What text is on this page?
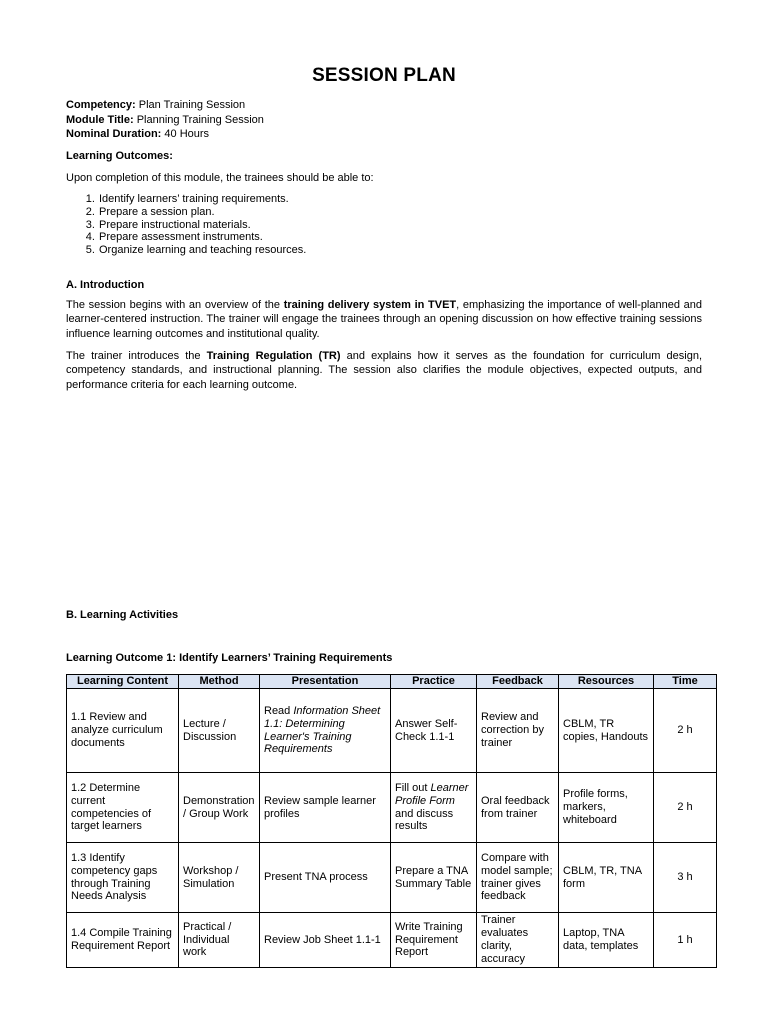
SESSION PLAN
Competency: Plan Training Session
Module Title: Planning Training Session
Nominal Duration: 40 Hours
Learning Outcomes:
Upon completion of this module, the trainees should be able to:
1. Identify learners’ training requirements.
2. Prepare a session plan.
3. Prepare instructional materials.
4. Prepare assessment instruments.
5. Organize learning and teaching resources.
A. Introduction

The session begins with an overview of the training delivery system in TVET, emphasizing the importance of well-planned and learner-centered instruction. The trainer will engage the trainees through an opening discussion on how effective training sessions influence learning outcomes and institutional quality.

The trainer introduces the Training Regulation (TR) and explains how it serves as the foundation for curriculum design, competency standards, and instructional planning. The session also clarifies the module objectives, expected outputs, and performance criteria for each learning outcome.

B. Learning Activities
Learning Outcome 1: Identify Learners’ Training Requirements
Learning Content	Method	Presentation	Practice	Feedback	Resources	Time
1.1 Review and analyze curriculum documents	Lecture / Discussion	Read Information Sheet 1.1: Determining Learner's Training Requirements	Answer Self-Check 1.1-1	Review and correction by trainer	CBLM, TR copies, Handouts	2 h
1.2 Determine current competencies of target learners	Demonstration / Group Work	Review sample learner profiles	Fill out Learner Profile Form and discuss results	Oral feedback from trainer	Profile forms, markers, whiteboard	2 h
1.3 Identify competency gaps through Training Needs Analysis	Workshop / Simulation	Present TNA process	Prepare a TNA Summary Table	Compare with model sample; trainer gives feedback	CBLM, TR, TNA form	3 h
1.4 Compile Training Requirement Report	Practical / Individual work	Review Job Sheet 1.1-1	Write Training Requirement Report	Trainer evaluates clarity, accuracy	Laptop, TNA data, templates	1 h
